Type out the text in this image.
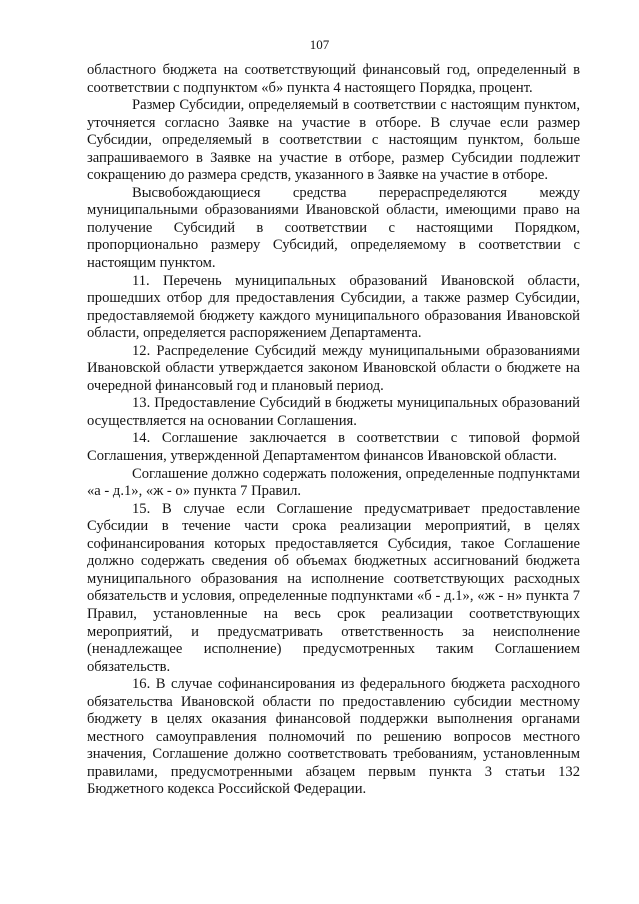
107

областного бюджета на соответствующий финансовый год, определенный в соответствии с подпунктом «б» пункта 4 настоящего Порядка, процент.

Размер Субсидии, определяемый в соответствии с настоящим пунктом, уточняется согласно Заявке на участие в отборе. В случае если размер Субсидии, определяемый в соответствии с настоящим пунктом, больше запрашиваемого в Заявке на участие в отборе, размер Субсидии подлежит сокращению до размера средств, указанного в Заявке на участие в отборе.

Высвобождающиеся средства перераспределяются между муниципальными образованиями Ивановской области, имеющими право на получение Субсидий в соответствии с настоящими Порядком, пропорционально размеру Субсидий, определяемому в соответствии с настоящим пунктом.

11. Перечень муниципальных образований Ивановской области, прошедших отбор для предоставления Субсидии, а также размер Субсидии, предоставляемой бюджету каждого муниципального образования Ивановской области, определяется распоряжением Департамента.

12. Распределение Субсидий между муниципальными образованиями Ивановской области утверждается законом Ивановской области о бюджете на очередной финансовый год и плановый период.

13. Предоставление Субсидий в бюджеты муниципальных образований осуществляется на основании Соглашения.

14. Соглашение заключается в соответствии с типовой формой Соглашения, утвержденной Департаментом финансов Ивановской области.

Соглашение должно содержать положения, определенные подпунктами «а - д.1», «ж - о» пункта 7 Правил.

15. В случае если Соглашение предусматривает предоставление Субсидии в течение части срока реализации мероприятий, в целях софинансирования которых предоставляется Субсидия, такое Соглашение должно содержать сведения об объемах бюджетных ассигнований бюджета муниципального образования на исполнение соответствующих расходных обязательств и условия, определенные подпунктами «б - д.1», «ж - н» пункта 7 Правил, установленные на весь срок реализации соответствующих мероприятий, и предусматривать ответственность за неисполнение (ненадлежащее исполнение) предусмотренных таким Соглашением обязательств.

16. В случае софинансирования из федерального бюджета расходного обязательства Ивановской области по предоставлению субсидии местному бюджету в целях оказания финансовой поддержки выполнения органами местного самоуправления полномочий по решению вопросов местного значения, Соглашение должно соответствовать требованиям, установленным правилами, предусмотренными абзацем первым пункта 3 статьи 132 Бюджетного кодекса Российской Федерации.
